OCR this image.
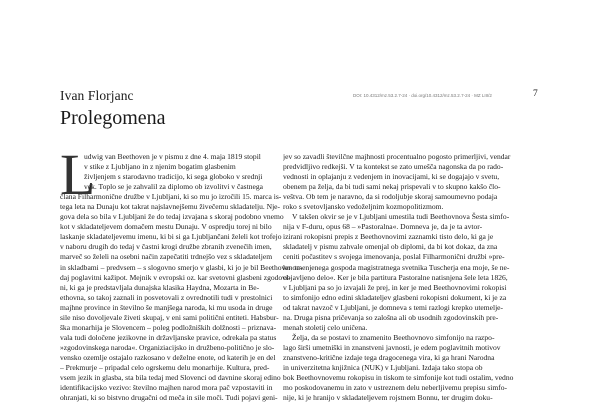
Ivan Florjanc
Prolegomena
DOI: 10.4312/mz.53.2.7-24 · doi.org/10.4312/mz.53.2.7-24 · MZ LIII/2	7
L
udwig van Beethoven je v pismu z dne 4. maja 1819 stopil
v stike z Ljubljano in z njenim bogatim glasbenim
življenjem s starodavno tradicijo, ki sega globoko v srednji
vek. Toplo se je zahvalil za diplomo ob izvolitvi v častnega
člana Filharmonične družbe v Ljubljani, ki so mu jo izročili 15. marca is-
tega leta na Dunaju kot takrat najslavnejšemu živečemu skladatelju. Nje-
gova dela so bila v Ljubljani že do tedaj izvajana s skoraj podobno vnemo
kot v skladateljevem domačem mestu Dunaju. V ospredju torej ni bilo
laskanje skladateljevemu imenu, ki bi si ga Ljubljančani želeli kot trofejo
v naboru drugih do tedaj v častni krogi družbe zbranih zvenečih imen,
marveč so želeli na osebni način zapečatiti trdnejšo vez s skladateljem
in skladbami – predvsem – s slogovno smerjo v glasbi, ki jo je bil Beethoven te-
daj poglavitni kažipot. Mejnik v evropski oz. kar svetovni glasbeni zgodovi-
ni, ki ga je predstavljala dunajska klasika Haydna, Mozarta in Be-
ethovna, so takoj zaznali in posvetovali z ovrednotili tudi v prestolnici
majhne province in številno še manjšega naroda, ki mu usoda in druge
sile niso dovoljevale živeti skupaj, v eni sami politični entiteti. Habsbur-
ška monarhija je Slovencem – poleg podložniških dolžnosti – priznava-
vala tudi določene jezikovne in državljanske pravice, odrekala pa status
»zgodovinskega naroda«. Organiziacijsko in družbeno-politično je slo-
vensko ozemlje ostajalo razkosano v deželne enote, od katerih je en del
– Prekmurje – pripadal celo ogrskemu delu monarhije. Kultura, pred-
vsem jezik in glasba, sta bila tedaj med Slovenci od davnine skoraj edino
identifikacijsko vezivo: številno majhen narod mora pač vzpostaviti in
ohranjati, ki so bistvno drugačni od meča in sile moči. Tudi pojavi geni-
jev so zavadli številčne majhnosti procentualno pogosto primerljivi, vendar
predvidljivo redkejši. V ta kontekst se zato umešča nagonska da po rado-
vednosti in oplajanju z vedenjem in inovacijami, ki se dogajajo v svetu,
obenem pa želja, da bi tudi sami nekaj prispevali v to skupno kakšo člo-
veštva. Ob tem je naravno, da si rodoljubje skoraj samoumevno podaja
roko s svetovljansko vedoželjnim kozmopolitizmom.
V takšen okvir se je v Ljubljani umestila tudi Beethovnova Šesta simfo-
nija v F-duru, opus 68 – »Pastoralna«. Domneva je, da je ta avtor-
izirani rokopisni prepis z Beethovnovimi zaznamki tisto delo, ki ga je
skladatelj v pismu zahvale omenjal ob diplomi, da bi kot dokaz, da zna
ceniti počastitev s svojega imenovanja, poslal Filharmonični družbi »pre-
ko omenjenega gospoda magistratnega svetnika Tuscherja ena moje, še ne-
objavljeno delo«. Ker je bila partitura Pastoralne natisnjena šele leta 1826,
v Ljubljani pa so jo izvajali že prej, in ker je med Beethovnovimi rokopisi
to simfonijo edno edini skladateljev glasbeni rokopisni dokument, ki je za
od takrat navzoč v Ljubljani, je domneva s temi razlogi krepko utemelje-
na. Druga pisna pričevanja so zalošna ali ob usodnih zgodovinskih pre-
menah stoletij celo uničena.
Želja, da se postavi to znamenito Beethovnovo simfonijo na razpo-
lago širši umetniški in znanstveni javnosti, je edem poglavitnih motivov
znanstveno-kritične izdaje tega dragocenega vira, ki ga hrani Narodna
in univerzitetna knjižnica (NUK) v Ljubljani. Izdaja tako stopa ob
bok Beethovnovemu rokopisu in tiskom te simfonije kot tudi ostalim, vedno
mo poskodovanemu in zato v ustreznem delu neberljivemu prepisu simfo-
nije, ki je hranijo v skladateljevem rojstnem Bonnu, ter drugim doku-
